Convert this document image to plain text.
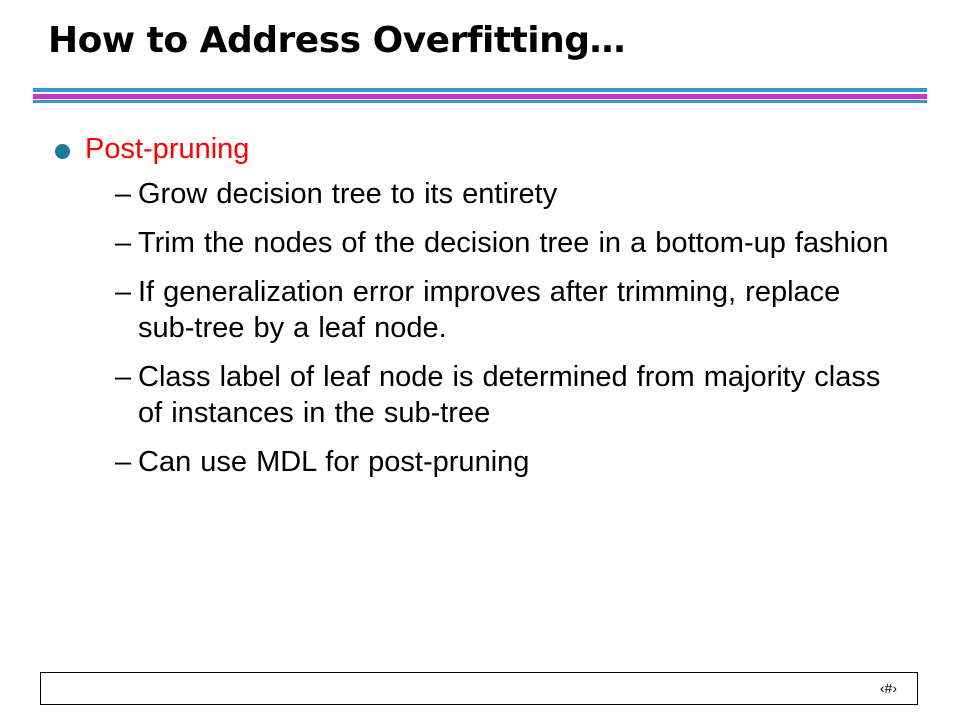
How to Address Overfitting…
Post-pruning
– Grow decision tree to its entirety
– Trim the nodes of the decision tree in a bottom-up fashion
– If generalization error improves after trimming, replace sub-tree by a leaf node.
– Class label of leaf node is determined from majority class of instances in the sub-tree
– Can use MDL for post-pruning
‹#›
